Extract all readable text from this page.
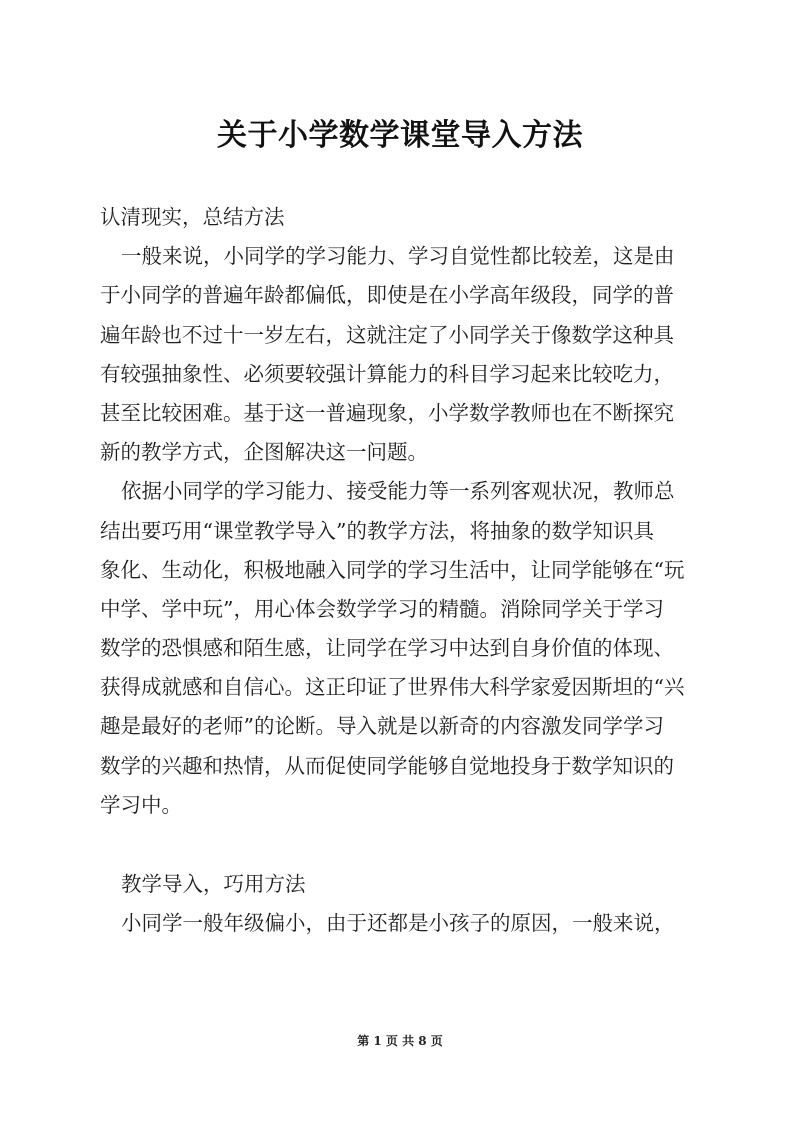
关于小学数学课堂导入方法
认清现实，总结方法
一般来说，小同学的学习能力、学习自觉性都比较差，这是由
于小同学的普遍年龄都偏低，即使是在小学高年级段，同学的普
遍年龄也不过十一岁左右，这就注定了小同学关于像数学这种具
有较强抽象性、必须要较强计算能力的科目学习起来比较吃力，
甚至比较困难。基于这一普遍现象，小学数学教师也在不断探究
新的教学方式，企图解决这一问题。
依据小同学的学习能力、接受能力等一系列客观状况，教师总
结出要巧用“课堂教学导入”的教学方法，将抽象的数学知识具
象化、生动化，积极地融入同学的学习生活中，让同学能够在“玩
中学、学中玩”，用心体会数学学习的精髓。消除同学关于学习
数学的恐惧感和陌生感，让同学在学习中达到自身价值的体现、
获得成就感和自信心。这正印证了世界伟大科学家爱因斯坦的“兴
趣是最好的老师”的论断。导入就是以新奇的内容激发同学学习
数学的兴趣和热情，从而促使同学能够自觉地投身于数学知识的
学习中。
教学导入，巧用方法
小同学一般年级偏小，由于还都是小孩子的原因，一般来说，
第 1 页 共 8 页
